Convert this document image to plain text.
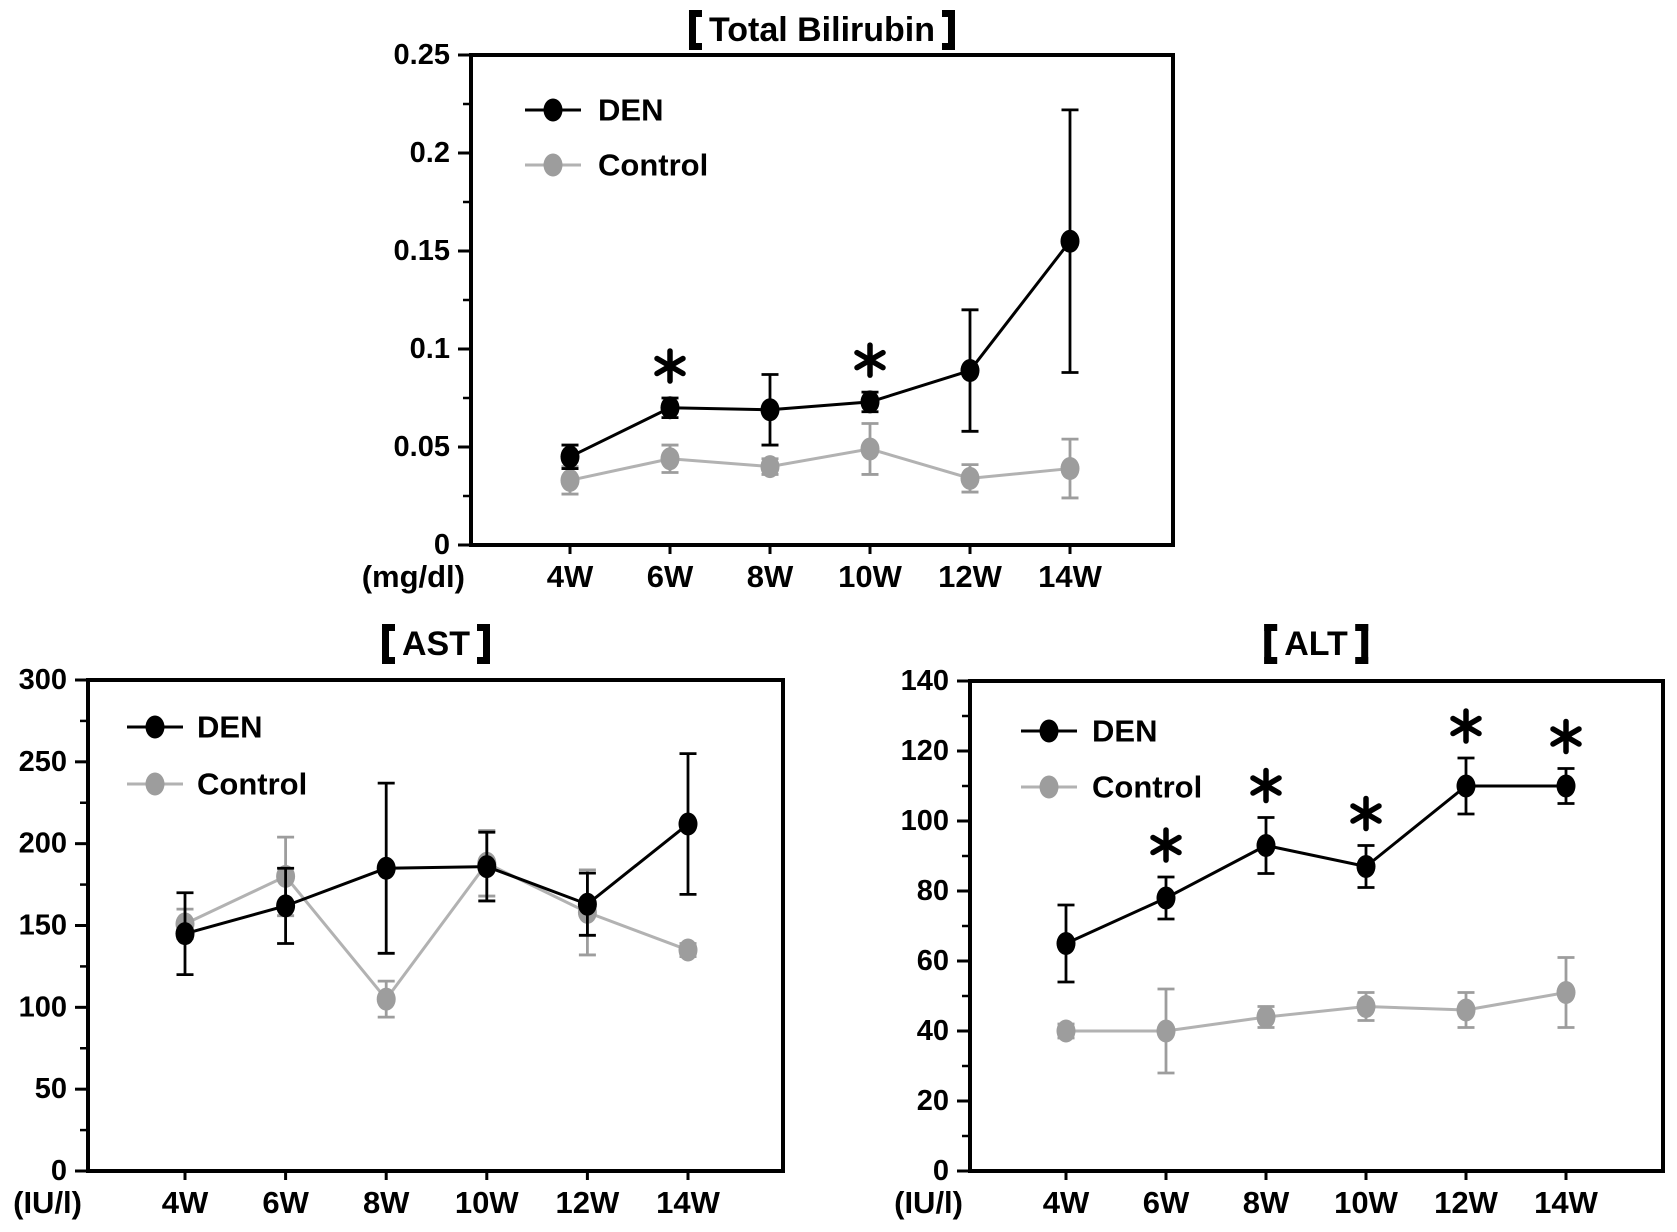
0
0.05
0.1
0.15
0.2
0.25
4W 6W 8W 10W 12W 14W
(mg/dl)
DEN
Control
0
50
100
150
200
250
300
4W 6W 8W 10W 12W 14W
(IU/l)
DEN
Control
0
20
40
60
80
100
120
140
4W 6W 8W 10W 12W 14W
(IU/l)
DEN
Control
Total Bilirubin
AST	ALT
